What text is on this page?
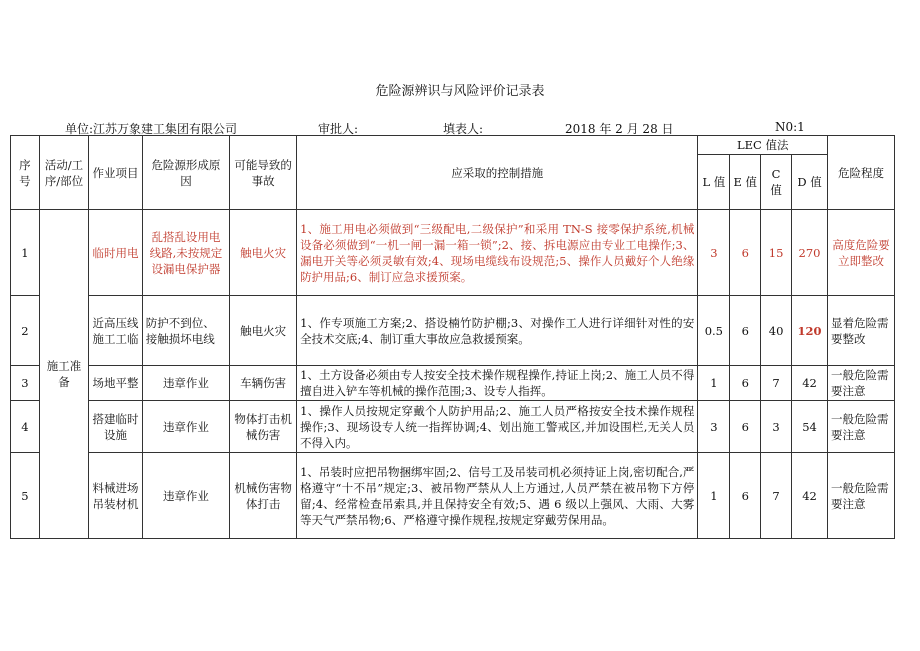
危险源辨识与风险评价记录表
单位:江苏万象建工集团有限公司	审批人:	填表人:	2018 年 2 月 28 日	N0:1
序号	活动/工序/部位	作业项目	危险源形成原因	可能导致的事故	应采取的控制措施	LEC 值法				危险程度
						L 值	E 值	C 值	D 值	
1	施工准备	临时用电	乱搭乱设用电线路,未按规定设漏电保护器	触电火灾	1、施工用电必须做到“三级配电,二级保护”和采用 TN-S 接零保护系统,机械设备必须做到“一机一闸一漏一箱一锁”;2、接、拆电源应由专业工电操作;3、漏电开关等必须灵敏有效;4、现场电缆线布设规范;5、操作人员戴好个人绝缘防护用品;6、制订应急求援预案。	3	6	15	270	高度危险要立即整改
2		近高压线施工工临	防护不到位、接触损坏电线	触电火灾	1、作专项施工方案;2、搭设楠竹防护棚;3、对操作工人进行详细针对性的安全技术交底;4、制订重大事故应急救援预案。	0.5	6	40	120	显着危险需要整改
3		场地平整	违章作业	车辆伤害	1、土方设备必须由专人按安全技术操作规程操作,持证上岗;2、施工人员不得擅自进入铲车等机械的操作范围;3、设专人指挥。	1	6	7	42	一般危险需要注意
4		搭建临时设施	违章作业	物体打击机械伤害	1、操作人员按规定穿戴个人防护用品;2、施工人员严格按安全技术操作规程操作;3、现场设专人统一指挥协调;4、划出施工警戒区,并加设围栏,无关人员不得入内。	3	6	3	54	一般危险需要注意
5		料械进场吊装材机	违章作业	机械伤害物体打击	1、吊装时应把吊物捆绑牢固;2、信号工及吊装司机必须持证上岗,密切配合,严格遵守“十不吊”规定;3、被吊物严禁从人上方通过,人员严禁在被吊物下方停留;4、经常检查吊索具,并且保持安全有效;5、遇 6 级以上强风、大雨、大雾等天气严禁吊物;6、严格遵守操作规程,按规定穿戴劳保用品。	1	6	7	42	一般危险需要注意
